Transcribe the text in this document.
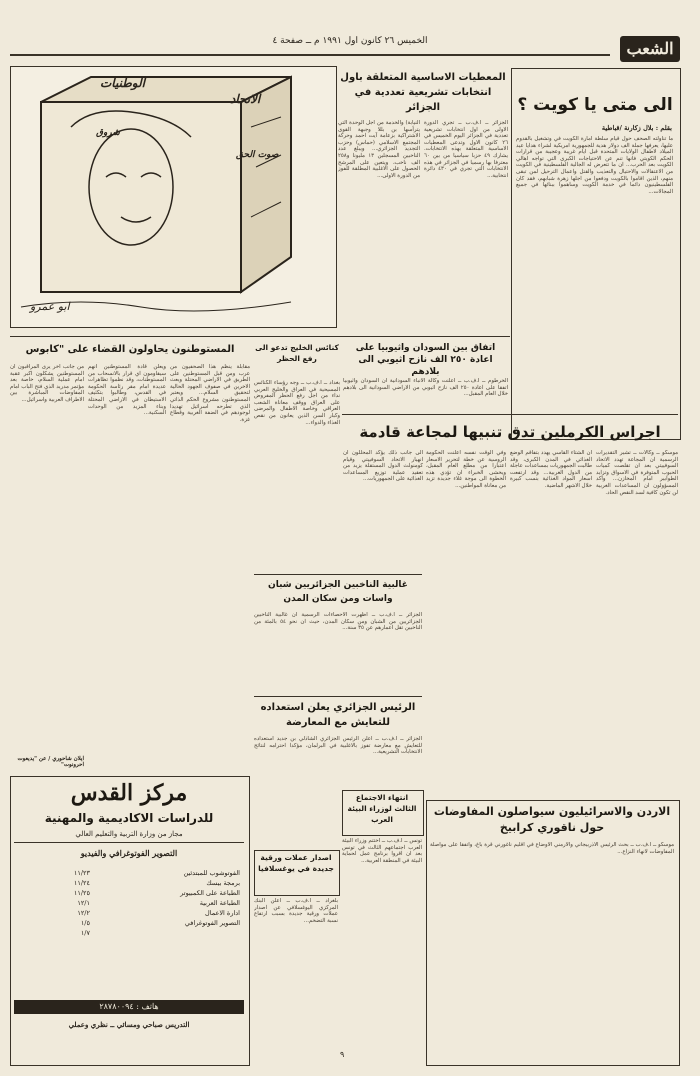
الخميس ٢٦ كانون اول ١٩٩١ م ــ صفحة ٤	الشعب
الى متى يا كويت ؟
بقلم : بلال زكارنة /قباطية
ما تناولته الصحف حول قيام سلطة امارة الكويت في وتشغيل بالقدوم عليها، يعرفها جملة الف دولار هدية للجمهورية امريكية لشراء هدايا عيد الميلاد لاطفال الولايات المتحدة قبل ايام غريبة وعجيبة من قرارات الحكم الكويتي فانها تنم عن الاحتياجات الكبرى التي تواجه اهالي الكويت بعد الحرب... ان ما تتعرض له الجالية الفلسطينية في الكويت من الاعتقالات والاحتيال والتعذيب والقتل واعمال الترحيل لمن تبقى منهم، الذين اقاموا بالكويت ودفعوا من اجلها زهرة شبابهم، فقد كان الفلسطينيون دائما في خدمة الكويت وساهموا ببنائها في جميع المجالات...
المعطيات الاساسية المتعلقة باول انتخابات تشريعية تعددية في الجزائر
الجزائر ــ ا.ف.ب ــ تجري الدورة الاولى من اول انتخابات تشريعية تعددية في الجزائر اليوم الخميس في ٢٦ كانون الاول وتدعى المعطيات الاساسية المتعلقة بهذه الانتخابات. يشارك ٤٩ حزبا سياسيا من بين ٦٠ معترفا بها رسميا في الجزائر في هذه الانتخابات التي تجري في ٤٣٠ دائرة انتخابية...
النيابة) والخدمة من اجل الوحدة التي يترأسها بن بللا وجبهة القوى الاشتراكية بزعامة آيت احمد وحركة المجتمع الاسلامي (حماس) وحزب التجديد الجزائري... ويبلغ عدد الناخبين المسجلين ١٣ مليونا و٢٥٨ الف ناخب، ويتعين على المرشح الحصول على الاغلبية المطلقة للفوز من الدورة الاولى...
الوطنيات
الاتحاد
شروق
صوت الحق
ابو عمرو
المستوطنون يحاولون القضاء على "كابوس
مقابلة ينظم هذا الصحفيون من عرب ومن قبل المستوطنين على الطريق في الاراضي المحتلة وبعث الاخرين في صفوف الجهود الحالية لتحقيق السلام... ويعتبر المستوطنون مشروع الحكم الذاتي الذي تطرحه اسرائيل تهديدا لوجودهم في الضفة الغربية وقطاع غزة.
ويعلن قادة المستوطنين انهم سيقاومون اي قرار بالانسحاب من المستوطنات، وقد نظموا تظاهرات عديدة امام مقر رئاسة الحكومة في القدس، وطالبوا بتكثيف الاستيطان في الاراضي المحتلة وبناء المزيد من الوحدات السكنية...
من جانب آخر يرى المراقبون ان المستوطنين يشكلون اكبر عقبة امام عملية السلام، خاصة بعد مؤتمر مدريد الذي فتح الباب امام المفاوضات المباشرة بين الاطراف العربية واسرائيل...
ايلان شاحوري / عن "يديعوت احرونوت"
كنائس الخليج تدعو الى رفع الحظر
بغداد ــ ا.ف.ب ــ وجه رؤساء الكنائس المسيحية في العراق والخليج العربي نداء من اجل رفع الحظر المفروض على العراق ووقف معاناة الشعب العراقي وخاصة الاطفال والمرضى وكبار السن الذين يعانون من نقص الغذاء والدواء...
اتفاق بين السودان واثيوبيا على اعادة ٢٥٠ الف نازح اثيوبي الى بلادهم
الخرطوم ــ ا.ف.ب ــ اعلنت وكالة الانباء السودانية ان السودان واثيوبيا اتفقا على اعادة ٢٥٠ الف نازح اثيوبي من الاراضي السودانية الى بلادهم خلال العام المقبل...
اجراس الكرملين تدق تنبيها لمجاعة قادمة
موسكو ــ وكالات ــ تشير التقديرات الرسمية ان المجاعة تهدد الاتحاد السوفييتي بعد ان تقلصت كميات الحبوب المتوفرة في الاسواق وتزايد الطوابير امام المخازن... واكد المسؤولون ان المساعدات الغربية لن تكون كافية لسد النقص الحاد.
ان الشتاء القاسي يهدد بتفاقم الوضع الغذائي في المدن الكبرى، وقد طالبت الجمهوريات بمساعدات عاجلة من الدول الغربية... وقد ارتفعت اسعار المواد الغذائية بنسب كبيرة خلال الاشهر الماضية.
وفي الوقت نفسه اعلنت الحكومة الروسية عن خطة لتحرير الاسعار اعتبارا من مطلع العام المقبل، ويخشى الخبراء ان تؤدي هذه الخطوة الى موجة غلاء جديدة تزيد من معاناة المواطنين...
الى جانب ذلك يؤكد المحللون ان انهيار الاتحاد السوفييتي وقيام كومنولث الدول المستقلة يزيد من تعقيد عملية توزيع المساعدات الغذائية على الجمهوريات...
غالبية الناخبين الجزائريين شبان واسات ومن سكان المدن
الجزائر ــ ا.ف.ب ــ اظهرت الاحصاءات الرسمية ان غالبية الناخبين الجزائريين من الشبان ومن سكان المدن، حيث ان نحو ٥٤ بالمئة من الناخبين تقل اعمارهم عن ٣٥ سنة...
الرئيس الجزائري يعلن استعداده للتعايش مع المعارضة
الجزائر ــ ا.ف.ب ــ اعلن الرئيس الجزائري الشاذلي بن جديد استعداده للتعايش مع معارضة تفوز بالاغلبية في البرلمان، مؤكدا احترامه لنتائج الانتخابات التشريعية...
انتهاء الاجتماع الثالث لوزراء البيئة العرب
تونس ــ ا.ف.ب ــ اختتم وزراء البيئة العرب اجتماعهم الثالث في تونس بعد ان اقروا برنامج عمل لحماية البيئة في المنطقة العربية...
اصدار عملات ورقية جديدة في يوغسلافيا
بلغراد ــ ا.ف.ب ــ اعلن البنك المركزي اليوغسلافي عن اصدار عملات ورقية جديدة بسبب ارتفاع نسبة التضخم...
الاردن والاسرائيليون سيواصلون المفاوضات حول ناقوري كرابيخ
موسكو ــ ا.ف.ب ــ بحث الرئيس الاذربيجاني والارمني الاوضاع في اقليم ناغورني قرة باغ، واتفقا على مواصلة المفاوضات لانهاء النزاع...
مركز القدس
للدراسات الاكاديمية والمهنية
مجاز من وزارة التربية والتعليم العالي
التصوير الفوتوغرافي والفيديو
الفوتوشوب للمبتدئين
برمجة بيسك
الطباعة على الكمبيوتر
الطباعة العربية
ادارة الاعمال
التصوير الفوتوغرافي
١١/٢٣
١١/٢٤
١١/٢٥
١٢/١
١٢/٢
١/٥
١/٧
هاتف : ٢٨٧٨٠٠٩٤
التدريس صباحي ومسائي ــ نظري وعملي
٩
